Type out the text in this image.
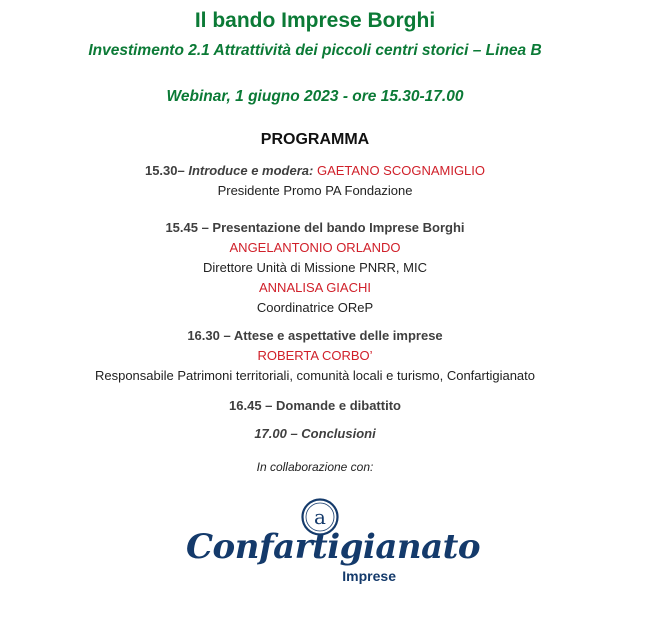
Il bando Imprese Borghi
Investimento 2.1 Attrattività dei piccoli centri storici – Linea B
Webinar, 1 giugno 2023 - ore 15.30-17.00
PROGRAMMA
15.30– Introduce e modera: GAETANO SCOGNAMIGLIO
Presidente Promo PA Fondazione
15.45 – Presentazione del bando Imprese Borghi
ANGELANTONIO ORLANDO
Direttore Unità di Missione PNRR, MIC
ANNALISA GIACHI
Coordinatrice OReP
16.30 – Attese e aspettative delle imprese
ROBERTA CORBO’
Responsabile Patrimoni territoriali, comunità locali e turismo, Confartigianato
16.45 – Domande e dibattito
17.00 – Conclusioni
In collaborazione con:
a
Confartigianato
Imprese
